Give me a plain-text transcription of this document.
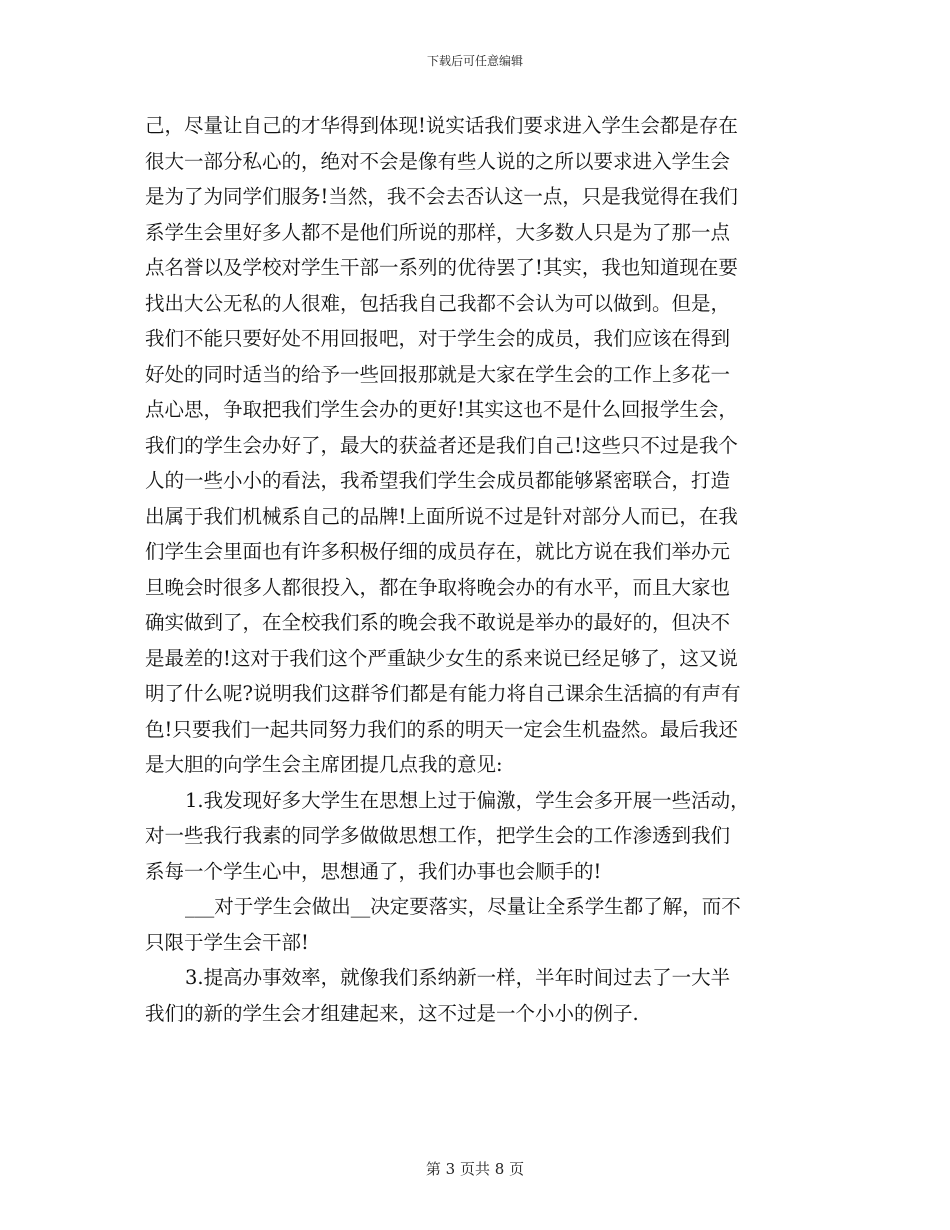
下载后可任意编辑
己，尽量让自己的才华得到体现!说实话我们要求进入学生会都是存在
很大一部分私心的，绝对不会是像有些人说的之所以要求进入学生会
是为了为同学们服务!当然，我不会去否认这一点，只是我觉得在我们
系学生会里好多人都不是他们所说的那样，大多数人只是为了那一点
点名誉以及学校对学生干部一系列的优待罢了!其实，我也知道现在要
找出大公无私的人很难，包括我自己我都不会认为可以做到。但是，
我们不能只要好处不用回报吧，对于学生会的成员，我们应该在得到
好处的同时适当的给予一些回报那就是大家在学生会的工作上多花一
点心思，争取把我们学生会办的更好!其实这也不是什么回报学生会，
我们的学生会办好了，最大的获益者还是我们自己!这些只不过是我个
人的一些小小的看法，我希望我们学生会成员都能够紧密联合，打造
出属于我们机械系自己的品牌!上面所说不过是针对部分人而已，在我
们学生会里面也有许多积极仔细的成员存在，就比方说在我们举办元
旦晚会时很多人都很投入，都在争取将晚会办的有水平，而且大家也
确实做到了，在全校我们系的晚会我不敢说是举办的最好的，但决不
是最差的!这对于我们这个严重缺少女生的系来说已经足够了，这又说
明了什么呢?说明我们这群爷们都是有能力将自己课余生活搞的有声有
色!只要我们一起共同努力我们的系的明天一定会生机盎然。最后我还
是大胆的向学生会主席团提几点我的意见:
1.我发现好多大学生在思想上过于偏激，学生会多开展一些活动，
对一些我行我素的同学多做做思想工作，把学生会的工作渗透到我们
系每一个学生心中，思想通了，我们办事也会顺手的!
___对于学生会做出__决定要落实，尽量让全系学生都了解，而不
只限于学生会干部!
3.提高办事效率，就像我们系纳新一样，半年时间过去了一大半
我们的新的学生会才组建起来，这不过是一个小小的例子.
第 3 页共 8 页
